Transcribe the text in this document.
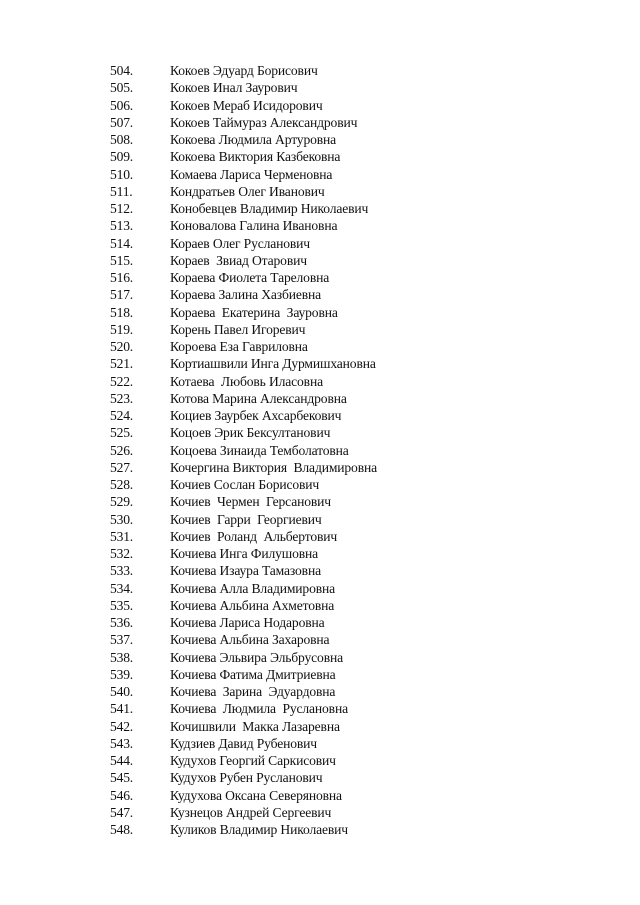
504.	Кокоев Эдуард Борисович
505.	Кокоев Инал Заурович
506.	Кокоев Мераб Исидорович
507.	Кокоев Таймураз Александрович
508.	Кокоева Людмила Артуровна
509.	Кокоева Виктория Казбековна
510.	Комаева Лариса Черменовна
511.	Кондратьев Олег Иванович
512.	Конобевцев Владимир Николаевич
513.	Коновалова Галина Ивановна
514.	Кораев Олег Русланович
515.	Кораев  Звиад Отарович
516.	Кораева Фиолета Тареловна
517.	Кораева Залина Хазбиевна
518.	Кораева  Екатерина  Зауровна
519.	Корень Павел Игоревич
520.	Короева Еза Гавриловна
521.	Кортиашвили Инга Дурмишхановна
522.	Котаева  Любовь Иласовна
523.	Котова Марина Александровна
524.	Коциев Заурбек Ахсарбекович
525.	Коцоев Эрик Бексултанович
526.	Коцоева Зинаида Темболатовна
527.	Кочергина Виктория  Владимировна
528.	Кочиев Сослан Борисович
529.	Кочиев  Чермен  Герсанович
530.	Кочиев  Гарри  Георгиевич
531.	Кочиев  Роланд  Альбертович
532.	Кочиева Инга Филушовна
533.	Кочиева Изаура Тамазовна
534.	Кочиева Алла Владимировна
535.	Кочиева Альбина Ахметовна
536.	Кочиева Лариса Нодаровна
537.	Кочиева Альбина Захаровна
538.	Кочиева Эльвира Эльбрусовна
539.	Кочиева Фатима Дмитриевна
540.	Кочиева  Зарина  Эдуардовна
541.	Кочиева  Людмила  Руслановна
542.	Кочишвили  Макка Лазаревна
543.	Кудзиев Давид Рубенович
544.	Кудухов Георгий Саркисович
545.	Кудухов Рубен Русланович
546.	Кудухова Оксана Северяновна
547.	Кузнецов Андрей Сергеевич
548.	Куликов Владимир Николаевич
